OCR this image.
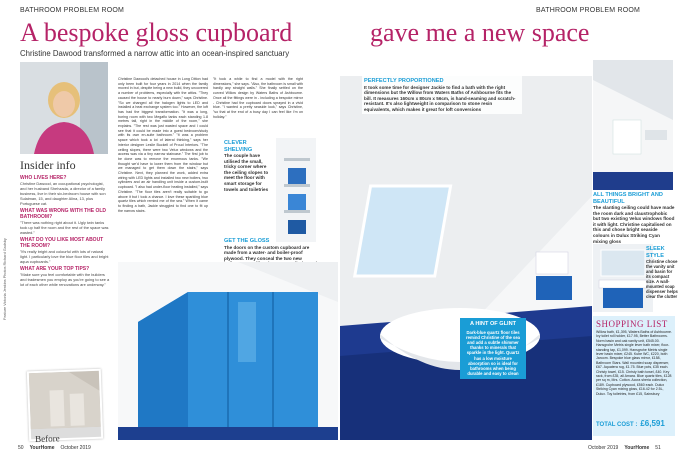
BATHROOM PROBLEM ROOM	BATHROOM PROBLEM ROOM
A bespoke gloss cupboard	gave me a new space
Christine Dawood transformed a narrow attic into an ocean-inspired sanctuary
Insider info
WHO LIVES HERE?
Christine Dawood, an occupational psychologist, and her husband Shehzada, a director of a family business, live in their six-bedroom house with son Sulaiman, 15, and daughter Alina, 13, plus Portuguese cat.
WHAT WAS WRONG WITH THE OLD BATHROOM?
"There was nothing right about it. Ugly twin tanks took up half the room and the rest of the space was wasted."
WHAT DO YOU LIKE MOST ABOUT THE ROOM?
"It's really bright and colourful with lots of natural light. I particularly love the blue floor tiles and bright aqua cupboards."
WHAT ARE YOUR TOP TIPS?
"Make sure you feel comfortable with the builders and tradesmen you employ as you're going to see a lot of each other while renovations are underway."
Christine Dawood's detached house in Long Ditton had only been built for four years in 2014 when the family moved in but, despite being a new build, they uncovered a number of problems, especially with the attics. "They caused the house to nearly burn down," says Christine. "So we changed all the halogen lights to LED and installed a heat exchange system too." However, the loft has had the biggest transformation. "It was a long, boring room with two Megaflo tanks each standing 1.8 metres tall, right in the middle of the room," she explains. "The rest was just wasted space and I could see that it could be made into a guest bedroom/study with its own en-suite bathroom." "It was a problem space which took a lot of lateral thinking," says her interior designer Leslie Buckell of Proud Interiors. "The ceiling slopes, there were two Velux windows and the access was via a tiny narrow staircase." The first job to be done was to remove the enormous tanks. "We thought we'd have to lower them from the window but we managed to get them down the stairs," says Christine. Next, they planned the work, added extra wiring with LED lights and installed two new boilers, two cylinders and an air handling unit inside a custom-built cupboard. "I also had under-floor heating installed," says Christine. "The floor tiles aren't really suitable to go above it but I took a chance. I love these sparkling blue quartz tiles which remind me of the sea." When it came to finding a bath, Jackie struggled to find one to fit up the narrow stairs.
"It took a while to find a model with the right dimensions," she says. "Also, the bathroom is small with hardly any straight walls." She finally settled on the curved Willow design by Waters Baths of Ashbourne. Once all the fittings were in - including a bespoke mirror - Christine had the cupboard doors sprayed in a vivid blue. "I wanted a pretty seaside look," says Christine, "so that at the end of a busy day I can feel like I'm on holiday."
CLEVER SHELVING
The couple have utilised the small, tricky corner where the ceiling slopes to meet the floor with smart storage for towels and toiletries
GET THE GLOSS
The doors on the custom cupboard are made from a water- and boiler-proof plywood. They conceal the two new
Before
Feature Victoria Jenkins Photos Richard Gadsby
50 YourHome October 2019
PERFECTLY PROPORTIONED
It took some time for designer Jackie to find a bath with the right dimensions but the Willow from Waters Baths of Ashbourne fits the bill. It measures 160cm x 80cm x 56cm, is hand-seaming and scratch-resistant. It's also lightweight in comparison to stone resin equivalents, which makes it great for loft conversions
ALL THINGS BRIGHT AND BEAUTIFUL
The slanting ceiling could have made the room dark and claustrophobic but two existing Velux windows flood it with light. Christine capitalised on this and chose bright seaside colours in Dulux Striking Cyan mixing gloss
SLEEK STYLE
Christine chose the vanity unit and basin for its compact size. A wall-mounted soap dispenser helps clear the clutter
A HINT OF GLINT
Dark-blue quartz floor tiles remind Christine of the sea and add a subtle shimmer thanks to minerals that sparkle in the light. Quartz has a low moisture absorption so is ideal for bathrooms when being durable and easy to clean
SHOPPING LIST
Willow bath, £1,395, Waters Baths of Ashbourne. Ivy toilet roll holder, £17.95, Better Bathrooms. Norm basin and oak vanity unit, £545.00. Hansgrohe Metris single lever bath mixer, floor-standing tap, £1,099. Hansgrohe Metris single lever basin mixer, £245. Kube WC, £220, both Jaroom. Bespoke blue glass mirror, £158, Bathroom Stars. Wall mounted soap dispenser, £67. Aquatera rug, £1.75. Blue pots, £35 each. Christy towel, £15. Christy bath towel, £40. Key rack, from £35, all Amara. Blue quartz tiles, £128 per sq m, Mrs. Cotton. Accra sheria collection, £189. Cupboard plywood, £560 each. Dulux Striking Cyan mixing gloss, £16.42 for 2.5L, Dulux. Toy toiletries, from £15, Sainsbury
TOTAL COST : £6,591
October 2019 YourHome 51
